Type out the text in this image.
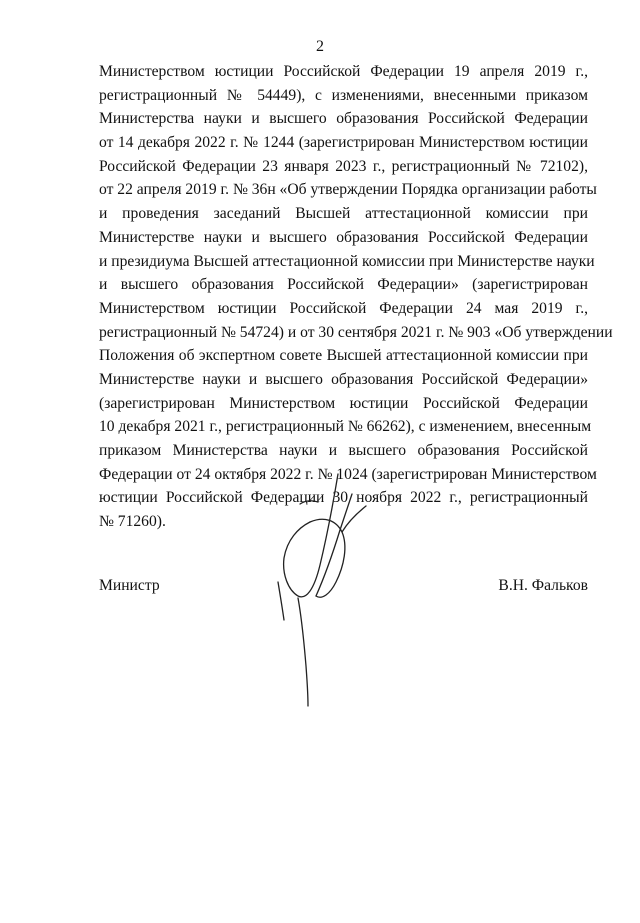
2
Министерством юстиции Российской Федерации 19 апреля 2019 г.,
регистрационный № 54449), с изменениями, внесенными приказом
Министерства науки и высшего образования Российской Федерации
от 14 декабря 2022 г. № 1244 (зарегистрирован Министерством юстиции
Российской Федерации 23 января 2023 г., регистрационный № 72102),
от 22 апреля 2019 г. № 36н «Об утверждении Порядка организации работы
и проведения заседаний Высшей аттестационной комиссии при
Министерстве науки и высшего образования Российской Федерации
и президиума Высшей аттестационной комиссии при Министерстве науки
и высшего образования Российской Федерации» (зарегистрирован
Министерством юстиции Российской Федерации 24 мая 2019 г.,
регистрационный № 54724) и от 30 сентября 2021 г. № 903 «Об утверждении
Положения об экспертном совете Высшей аттестационной комиссии при
Министерстве науки и высшего образования Российской Федерации»
(зарегистрирован Министерством юстиции Российской Федерации
10 декабря 2021 г., регистрационный № 66262), с изменением, внесенным
приказом Министерства науки и высшего образования Российской
Федерации от 24 октября 2022 г. № 1024 (зарегистрирован Министерством
юстиции Российской Федерации 30 ноября 2022 г., регистрационный
№ 71260).
Министр	В.Н. Фальков
